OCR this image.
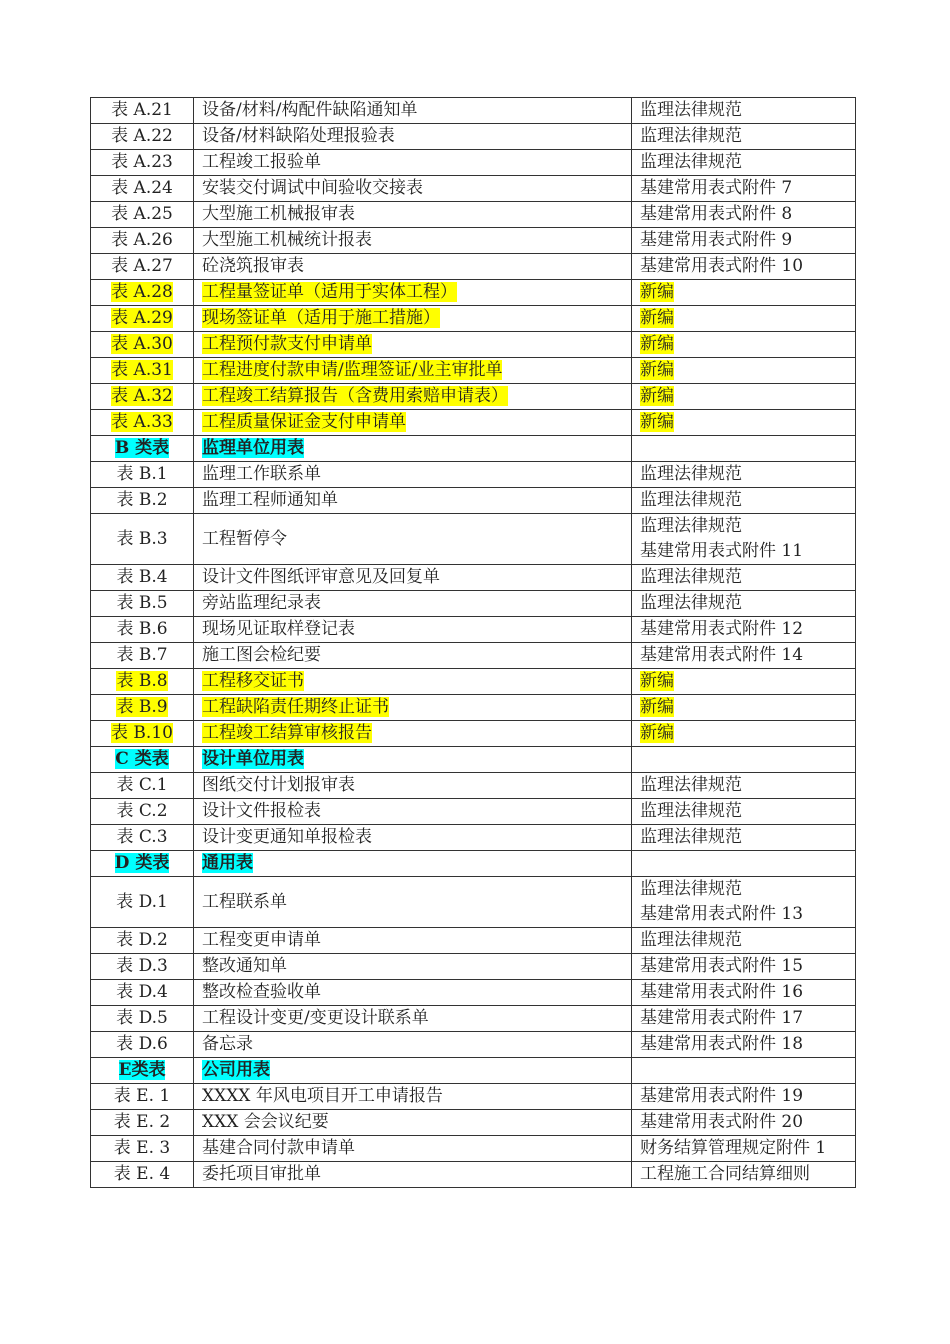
表 A.21	设备/材料/构配件缺陷通知单	监理法律规范

表 A.22	设备/材料缺陷处理报验表	监理法律规范

表 A.23	工程竣工报验单	监理法律规范

表 A.24	安装交付调试中间验收交接表	基建常用表式附件 7

表 A.25	大型施工机械报审表	基建常用表式附件 8

表 A.26	大型施工机械统计报表	基建常用表式附件 9

表 A.27	砼浇筑报审表	基建常用表式附件 10

表 A.28	工程量签证单（适用于实体工程）	新编

表 A.29	现场签证单（适用于施工措施）	新编

表 A.30	工程预付款支付申请单	新编

表 A.31	工程进度付款申请/监理签证/业主审批单	新编

表 A.32	工程竣工结算报告（含费用索赔申请表）	新编

表 A.33	工程质量保证金支付申请单	新编

B 类表	监理单位用表	
表 B.1	监理工作联系单	监理法律规范

表 B.2	监理工程师通知单	监理法律规范

表 B.3	工程暂停令	监理法律规范
基建常用表式附件 11

表 B.4	设计文件图纸评审意见及回复单	监理法律规范

表 B.5	旁站监理纪录表	监理法律规范

表 B.6	现场见证取样登记表	基建常用表式附件 12

表 B.7	施工图会检纪要	基建常用表式附件 14

表 B.8	工程移交证书	新编

表 B.9	工程缺陷责任期终止证书	新编

表 B.10	工程竣工结算审核报告	新编

C 类表	设计单位用表	
表 C.1	图纸交付计划报审表	监理法律规范

表 C.2	设计文件报检表	监理法律规范

表 C.3	设计变更通知单报检表	监理法律规范

D 类表	通用表	
表 D.1	工程联系单	监理法律规范
基建常用表式附件 13

表 D.2	工程变更申请单	监理法律规范

表 D.3	整改通知单	基建常用表式附件 15

表 D.4	整改检查验收单	基建常用表式附件 16

表 D.5	工程设计变更/变更设计联系单	基建常用表式附件 17

表 D.6	备忘录	基建常用表式附件 18

E类表	公司用表	
表 E. 1	XXXX 年风电项目开工申请报告	基建常用表式附件 19

表 E. 2	XXX 会会议纪要	基建常用表式附件 20

表 E. 3	基建合同付款申请单	财务结算管理规定附件 1

表 E. 4	委托项目审批单	工程施工合同结算细则
